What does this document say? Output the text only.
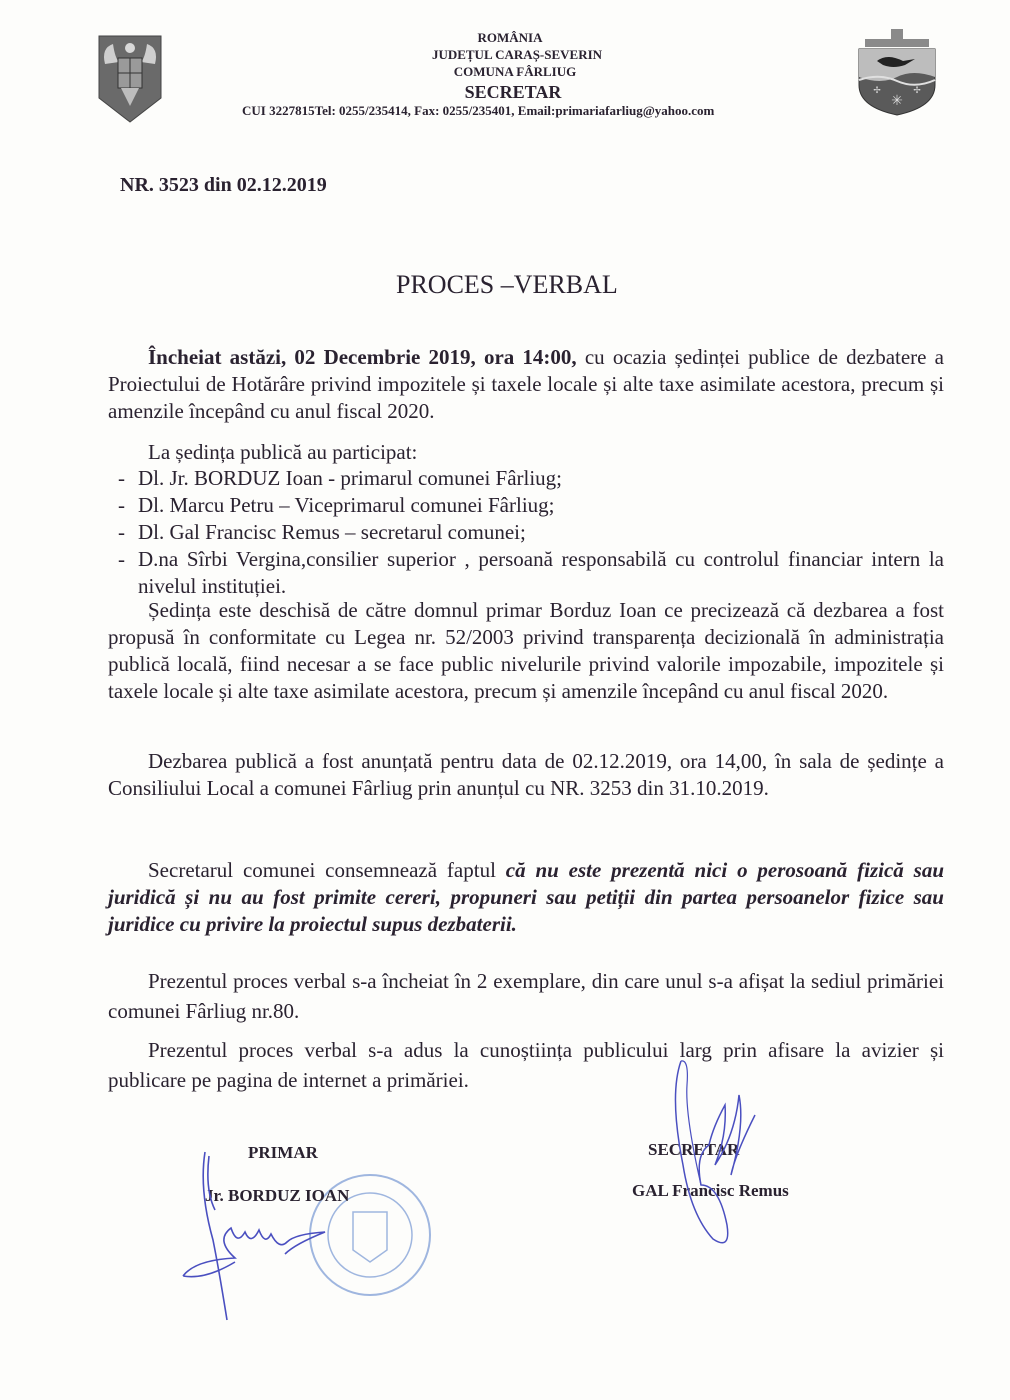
✳
✢	✢
ROMÂNIA
JUDEȚUL CARAȘ-SEVERIN
COMUNA FÂRLIUG
SECRETAR
CUI 3227815Tel: 0255/235414, Fax: 0255/235401, Email:primariafarliug@yahoo.com
NR. 3523 din 02.12.2019
PROCES –VERBAL
Încheiat astăzi, 02 Decembrie 2019, ora 14:00, cu ocazia ședinței publice de dezbatere a Proiectului de Hotărâre privind impozitele și taxele locale și alte taxe asimilate acestora, precum și amenzile începând cu anul fiscal 2020.
La ședința publică au participat:
- Dl. Jr. BORDUZ Ioan - primarul comunei Fârliug;
- Dl. Marcu Petru – Viceprimarul comunei Fârliug;
- Dl. Gal Francisc Remus – secretarul comunei;
- D.na Sîrbi Vergina,consilier superior , persoană responsabilă cu controlul financiar intern la nivelul instituției.
Ședința este deschisă de către domnul primar Borduz Ioan ce precizează că dezbarea a fost propusă în conformitate cu Legea nr. 52/2003 privind transparența decizională în administrația publică locală, fiind necesar a se face public nivelurile privind valorile impozabile, impozitele și taxele locale și alte taxe asimilate acestora, precum și amenzile începând cu anul fiscal 2020.
Dezbarea publică a fost anunțată pentru data de 02.12.2019, ora 14,00, în sala de ședințe a Consiliului Local a comunei Fârliug prin anunțul cu NR. 3253 din 31.10.2019.
Secretarul comunei consemnează faptul că nu este prezentă nici o perosoană fizică sau juridică și nu au fost primite cereri, propuneri sau petiții din partea persoanelor fizice sau juridice cu privire la proiectul supus dezbaterii.
Prezentul proces verbal s-a încheiat în 2 exemplare, din care unul s-a afișat la sediul primăriei comunei Fârliug nr.80.
Prezentul proces verbal s-a adus la cunoștiința publicului larg prin afisare la avizier și publicare pe pagina de internet a primăriei.
PRIMAR
Jr. BORDUZ IOAN
SECRETAR
GAL Francisc Remus
